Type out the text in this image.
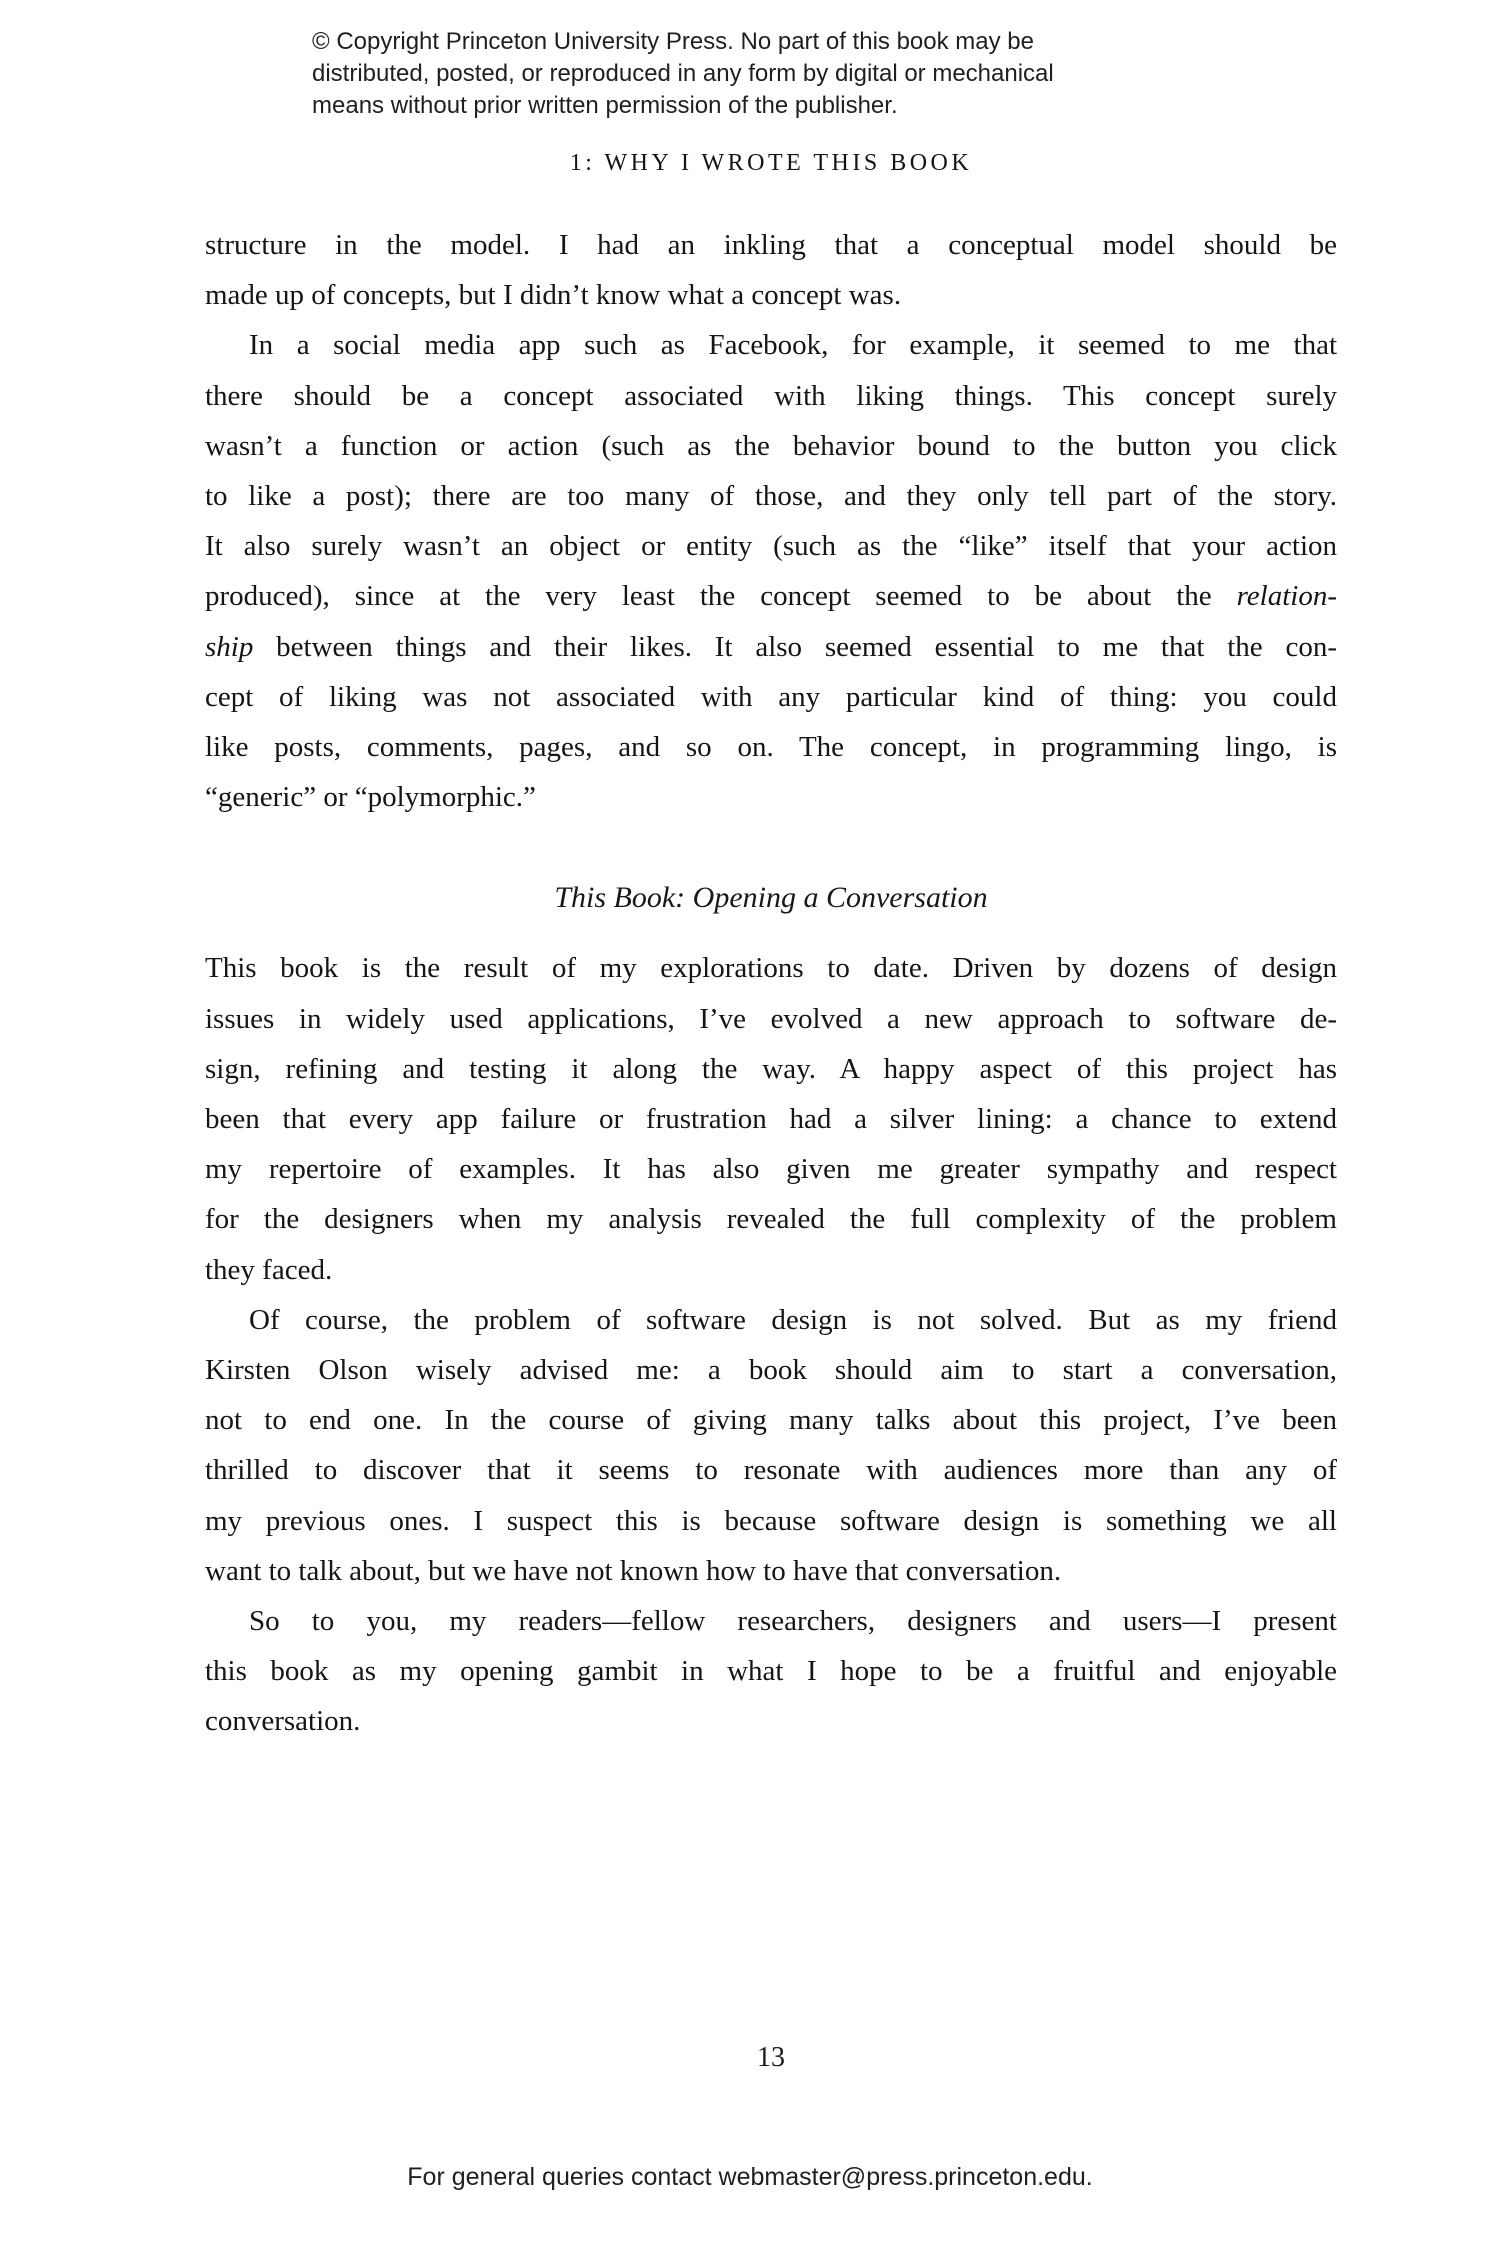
© Copyright Princeton University Press. No part of this book may be
distributed, posted, or reproduced in any form by digital or mechanical
means without prior written permission of the publisher.
1: WHY I WROTE THIS BOOK
structure in the model. I had an inkling that a conceptual model should be
made up of concepts, but I didn’t know what a concept was.
In a social media app such as Facebook, for example, it seemed to me that
there should be a concept associated with liking things. This concept surely
wasn’t a function or action (such as the behavior bound to the button you click
to like a post); there are too many of those, and they only tell part of the story.
It also surely wasn’t an object or entity (such as the “like” itself that your action
produced), since at the very least the concept seemed to be about the relation-
ship between things and their likes. It also seemed essential to me that the con-
cept of liking was not associated with any particular kind of thing: you could
like posts, comments, pages, and so on. The concept, in programming lingo, is
“generic” or “polymorphic.”
This Book: Opening a Conversation
This book is the result of my explorations to date. Driven by dozens of design
issues in widely used applications, I’ve evolved a new approach to software de-
sign, refining and testing it along the way. A happy aspect of this project has
been that every app failure or frustration had a silver lining: a chance to extend
my repertoire of examples. It has also given me greater sympathy and respect
for the designers when my analysis revealed the full complexity of the problem
they faced.
Of course, the problem of software design is not solved. But as my friend
Kirsten Olson wisely advised me: a book should aim to start a conversation,
not to end one. In the course of giving many talks about this project, I’ve been
thrilled to discover that it seems to resonate with audiences more than any of
my previous ones. I suspect this is because software design is something we all
want to talk about, but we have not known how to have that conversation.
So to you, my readers—fellow researchers, designers and users—I present
this book as my opening gambit in what I hope to be a fruitful and enjoyable
conversation.
13
For general queries contact webmaster@press.princeton.edu.
